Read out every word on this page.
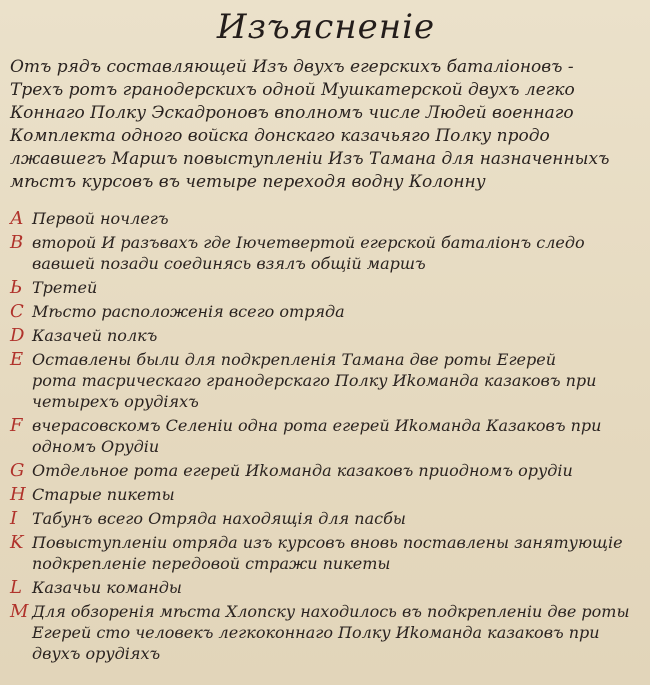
Изъясненiе
Отъ рядъ составляющей Изъ двухъ егерскихъ баталiоновъ -
Трехъ ротъ гранодерскихъ одной Мушкатерской двухъ легко
Коннаго Полку Эскадроновъ вполномъ числе Людей военнаго
Комплекта одного войска донскаго казачьяго Полку продо
лжавшегъ Маршъ повыступленiи Изъ Тамана для назначенныхъ
мѣстъ курсовъ въ четыре переходя водну Колонну
А Первой ночлегъ
В второй И разъвахъ где Iючетвертой егерской баталiонъ следо
вавшей позади соединясь взялъ общiй маршъ
Ь Третей
С Мѣсто расположенiя всего отряда
D Казачей полкъ
Е Оставлены были для подкрепленiя Тамана две роты Егерей
рота тасрическаго гранодерскаго Полку Иkоманда казаковъ при
четырехъ орудiяхъ
F вчерасовскомъ Селенiи одна рота егерей Иkоманда Казаковъ при
одномъ Орудiи
G Отдельное рота егерей Иkоманда казаковъ приодномъ орудiи
H Старые пикеты
I Табунъ всего Отряда находящiя для пасбы
K Повыступленiи отряда изъ курсовъ вновь поставлены занятующiе
подкрепленiе передовой стражи пикеты
L Казачьи команды
M Для обзоренiя мѣста Хлопску находилось въ подкрепленiи две роты
Егерей сто человекъ легкоконнаго Полку Иkоманда казаковъ при
двухъ орудiяхъ
